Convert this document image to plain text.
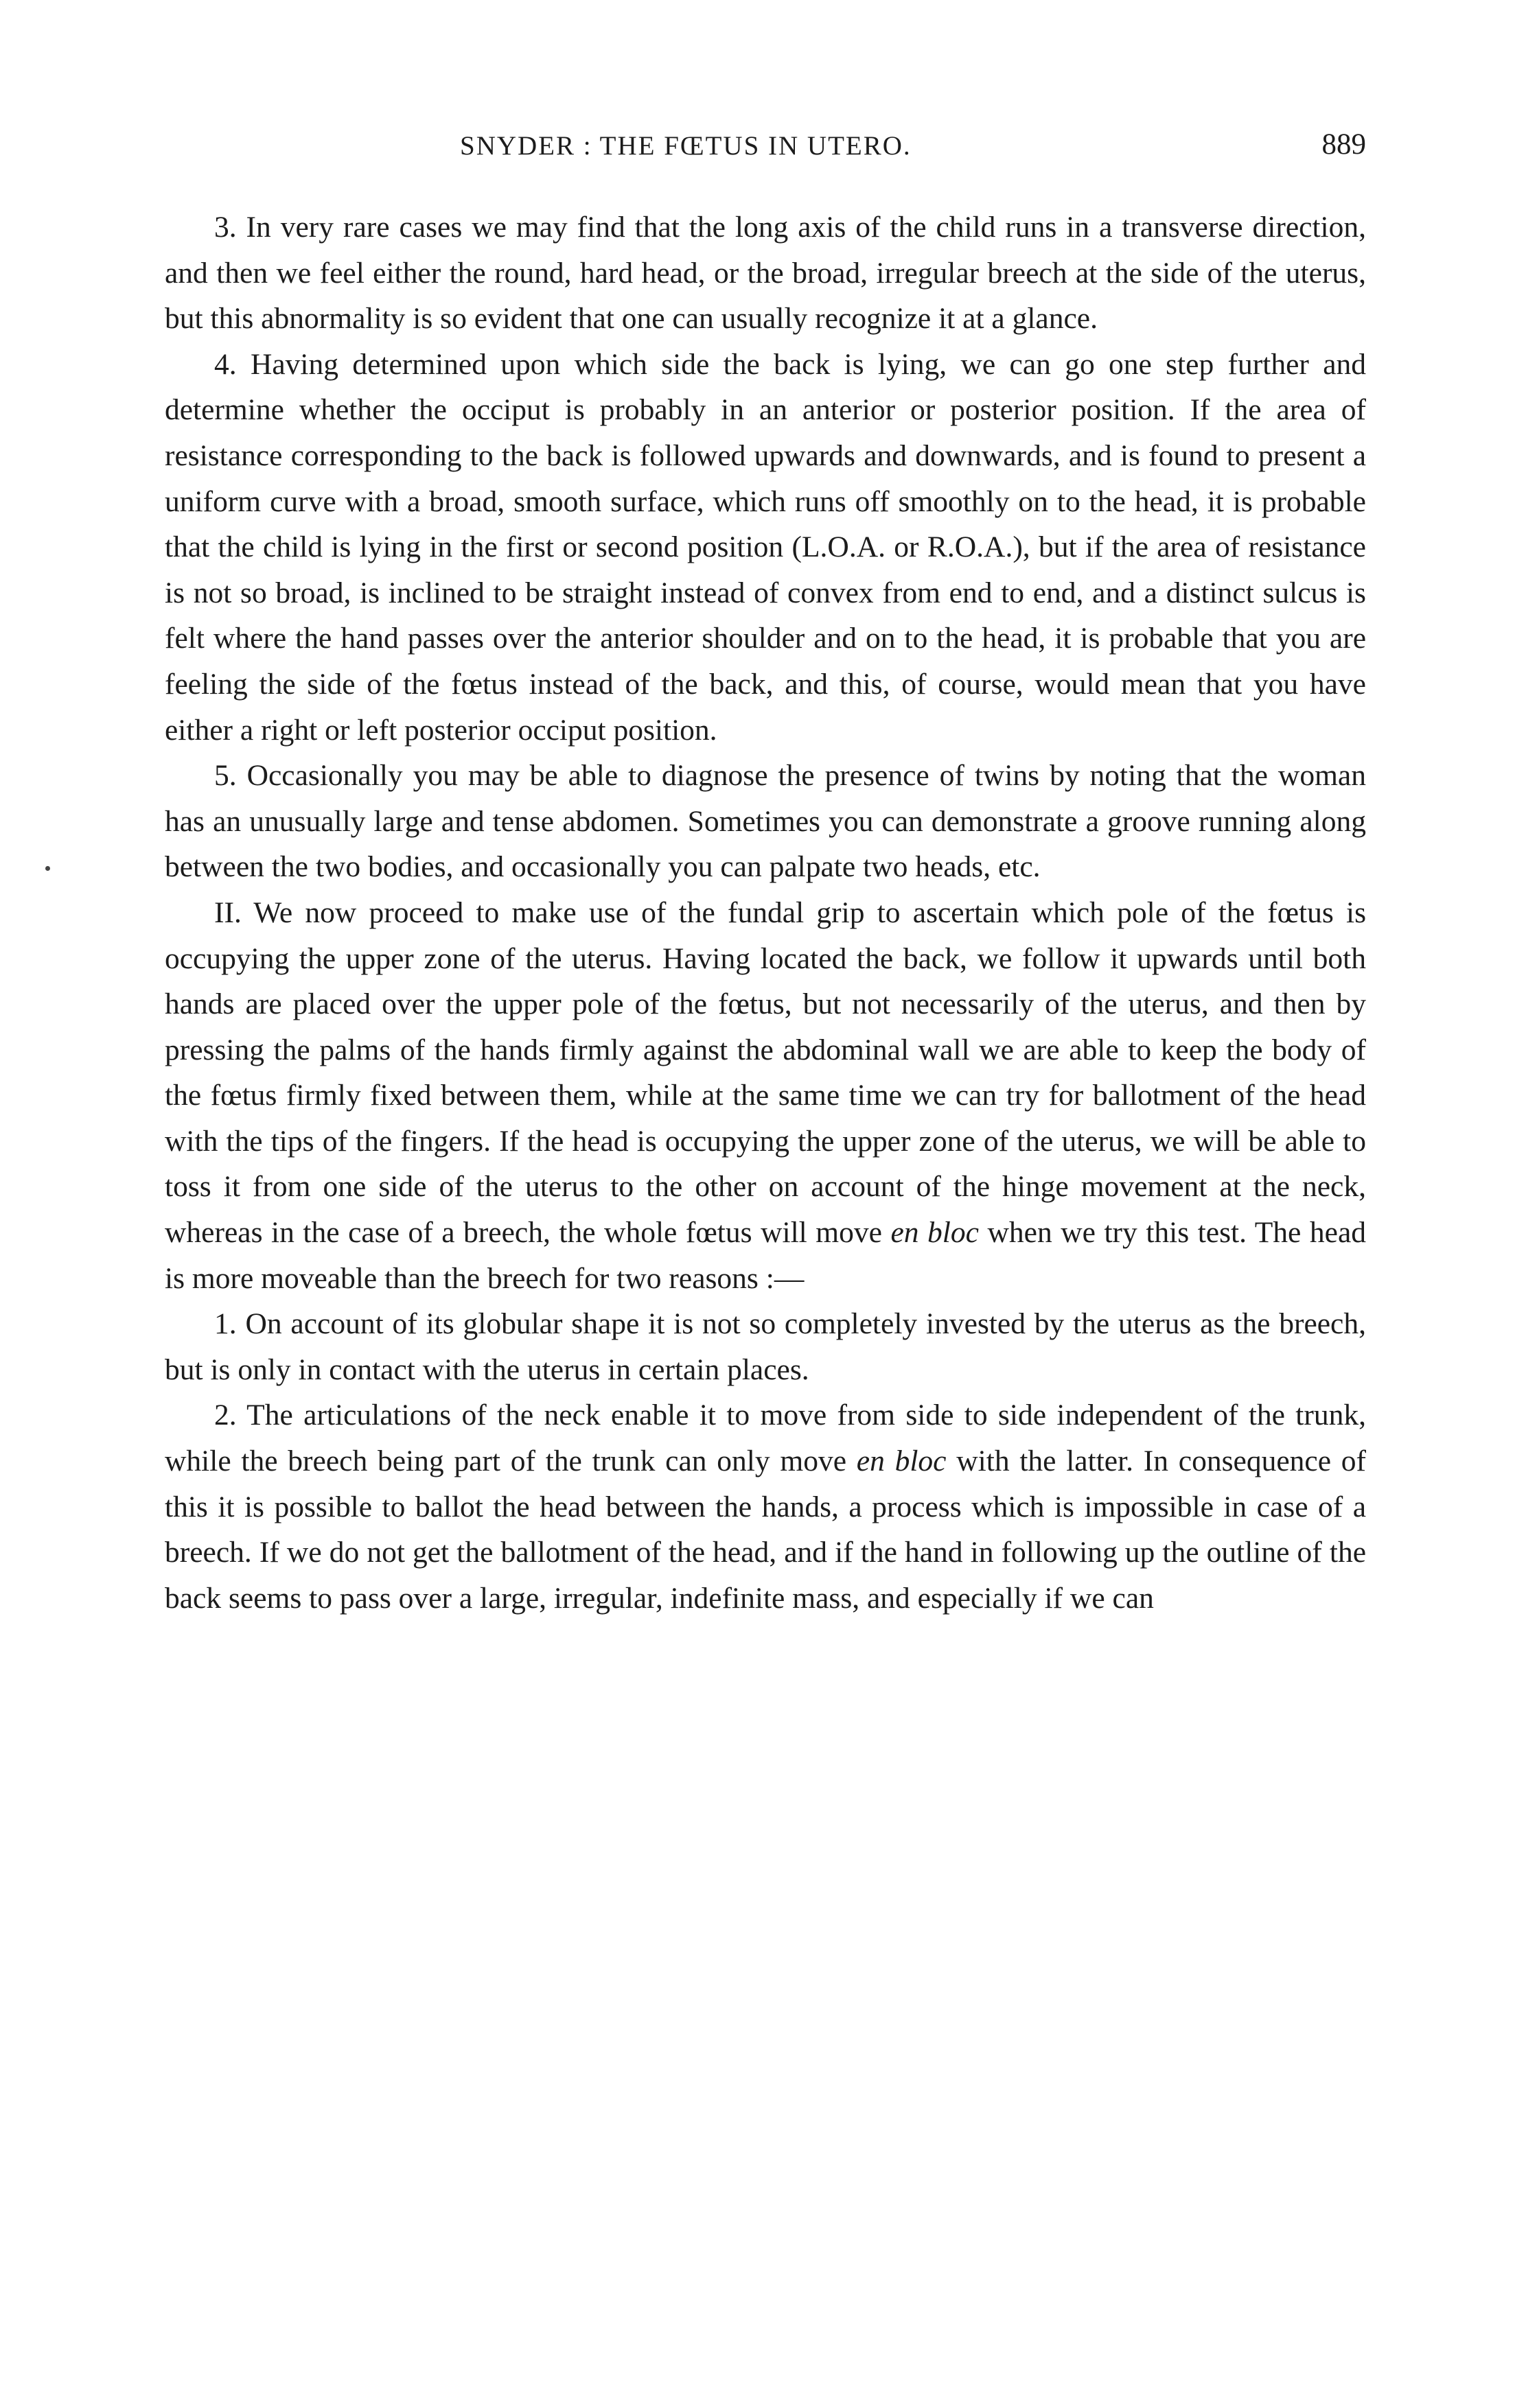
SNYDER : THE FŒTUS IN UTERO.	889

3. In very rare cases we may find that the long axis of the child runs in a transverse direction, and then we feel either the round, hard head, or the broad, irregular breech at the side of the uterus, but this abnormality is so evident that one can usually recognize it at a glance.

4. Having determined upon which side the back is lying, we can go one step further and determine whether the occiput is probably in an anterior or posterior position. If the area of resistance corresponding to the back is followed upwards and downwards, and is found to present a uniform curve with a broad, smooth surface, which runs off smoothly on to the head, it is probable that the child is lying in the first or second position (L.O.A. or R.O.A.), but if the area of resistance is not so broad, is inclined to be straight instead of convex from end to end, and a distinct sulcus is felt where the hand passes over the anterior shoulder and on to the head, it is probable that you are feeling the side of the fœtus instead of the back, and this, of course, would mean that you have either a right or left posterior occiput position.

5. Occasionally you may be able to diagnose the presence of twins by noting that the woman has an unusually large and tense abdomen. Sometimes you can demonstrate a groove running along between the two bodies, and occasionally you can palpate two heads, etc.

II. We now proceed to make use of the fundal grip to ascertain which pole of the fœtus is occupying the upper zone of the uterus. Having located the back, we follow it upwards until both hands are placed over the upper pole of the fœtus, but not necessarily of the uterus, and then by pressing the palms of the hands firmly against the abdominal wall we are able to keep the body of the fœtus firmly fixed between them, while at the same time we can try for ballotment of the head with the tips of the fingers. If the head is occupying the upper zone of the uterus, we will be able to toss it from one side of the uterus to the other on account of the hinge movement at the neck, whereas in the case of a breech, the whole fœtus will move en bloc when we try this test. The head is more moveable than the breech for two reasons :—

1. On account of its globular shape it is not so completely invested by the uterus as the breech, but is only in contact with the uterus in certain places.

2. The articulations of the neck enable it to move from side to side independent of the trunk, while the breech being part of the trunk can only move en bloc with the latter. In consequence of this it is possible to ballot the head between the hands, a process which is impossible in case of a breech. If we do not get the ballotment of the head, and if the hand in following up the outline of the back seems to pass over a large, irregular, indefinite mass, and especially if we can
